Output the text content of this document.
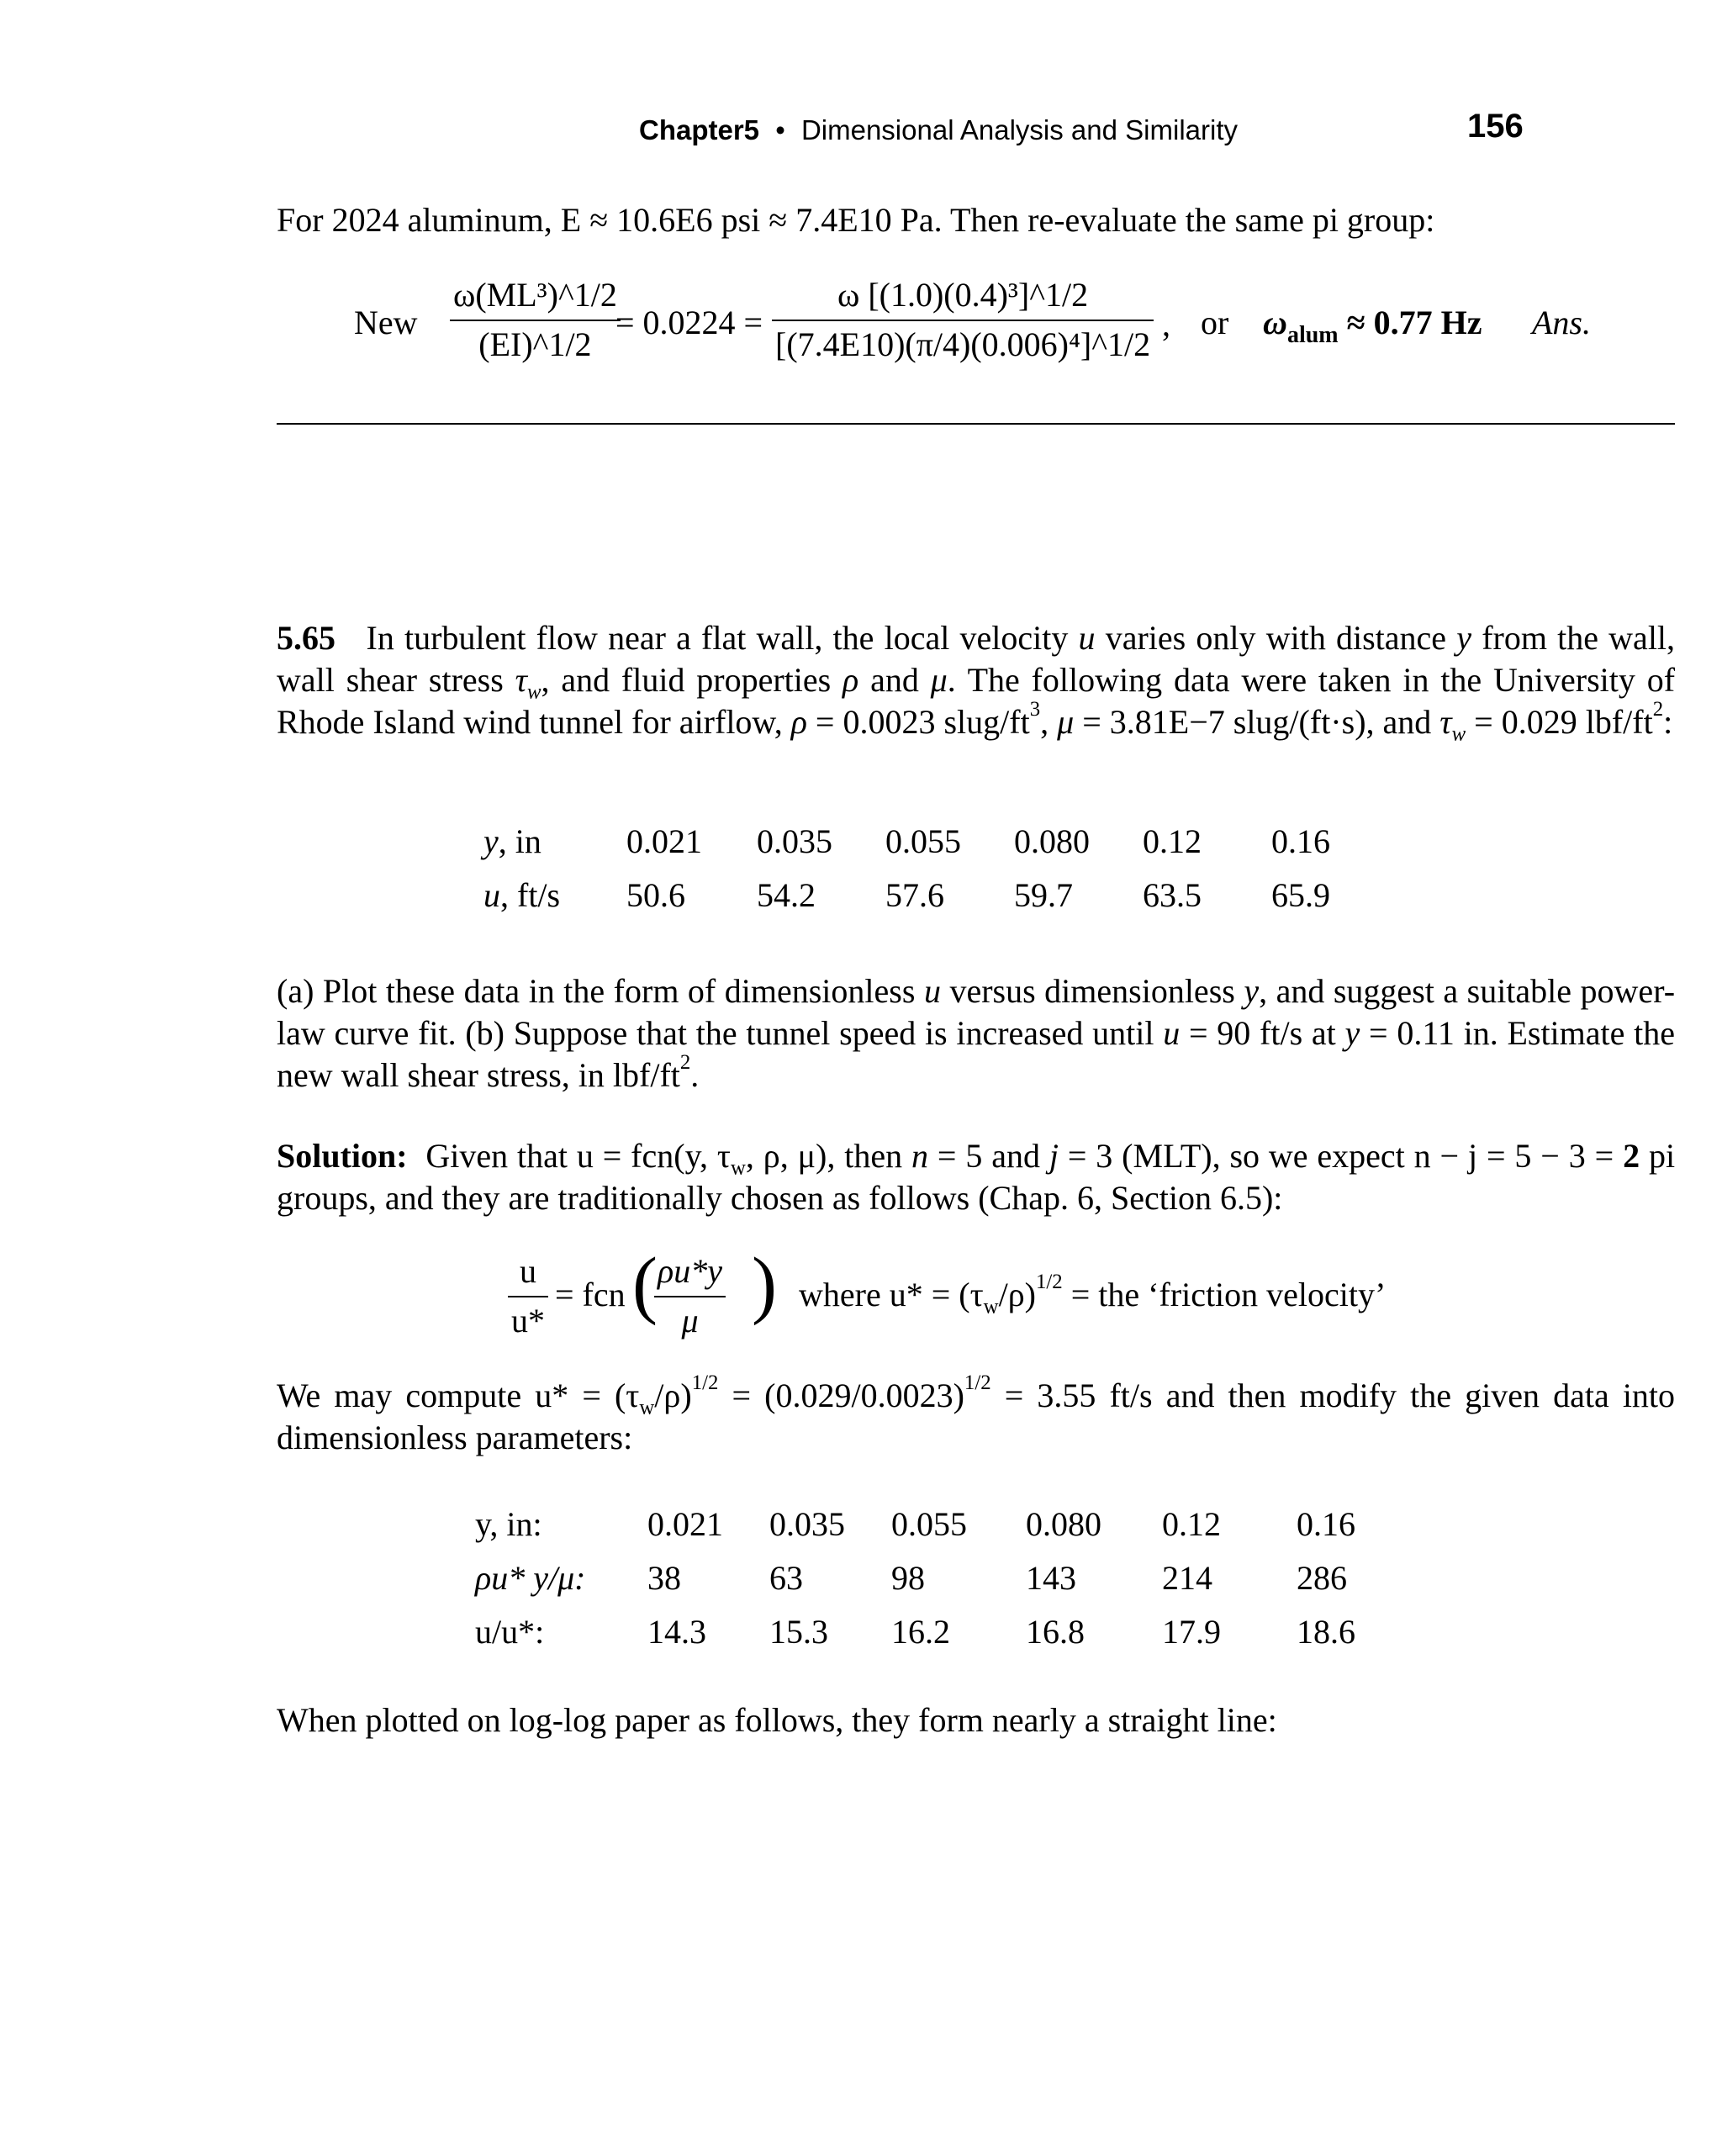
Chapter5 • Dimensional Analysis and Similarity	156
For 2024 aluminum, E ≈ 10.6E6 psi ≈ 7.4E10 Pa. Then re-evaluate the same pi group:
New $\frac{\text{ω(ML³)\textasciicircum{}1/2}}{(EI)\^{}1/2}$
= $0.0224 = \frac{\text{ω [(1.0)(0.4)³]\textasciicircum{}1/2}}{\text{[(7.4E10)(π/4)(0.006)⁴]\textasciicircum{}1/2}}$ , or $\omega_{alum} \approx 0.77$ Hz Ans.
5.65 In turbulent flow near a flat wall, the local velocity u varies only with distance y from the wall, wall shear stress $\tau_w$, and fluid properties ρ and μ. The following data were taken in the University of Rhode Island wind tunnel for airflow, ρ = 0.0023 slug/$ft^3$, μ = 3.81E−7 slug/(ft·s), and $\tau_w = 0.029$ lbf/$ft^2$:
y, in	0.021	0.035	0.055	0.080	0.12	0.16
u, ft/s	50.6	54.2	57.6	59.7	63.5	65.9
(a) Plot these data in the form of dimensionless u versus dimensionless y, and suggest a suitable power-law curve fit. (b) Suppose that the tunnel speed is increased until u = 90 ft/s at y = 0.11 in. Estimate the new wall shear stress, in lbf/$ft^2$.
Solution: Given that u = fcn(y, $\tau_w$, ρ, μ), then n = 5 and j = 3 (MLT), so we expect n − j = 5 − 3 = 2 pi groups, and they are traditionally chosen as follows (Chap. 6, Section 6.5):
$\frac{u}{u*}$ = fcn (
$\frac{\rho u*y}{\mu}$ ) where $u* = (\tau_w/\rho)^{1/2}$ = the ‘friction velocity’
We may compute $u* = (\tau_w/\rho)^{1/2} = (0.029/0.0023)^{1/2} = 3.55$ ft/s and then modify the given data into dimensionless parameters:
y, in:	0.021	0.035	0.055	0.080	0.12	0.16
ρu* y/μ:	38	63	98	143	214	286
u/u*:	14.3	15.3	16.2	16.8	17.9	18.6
When plotted on log-log paper as follows, they form nearly a straight line:
